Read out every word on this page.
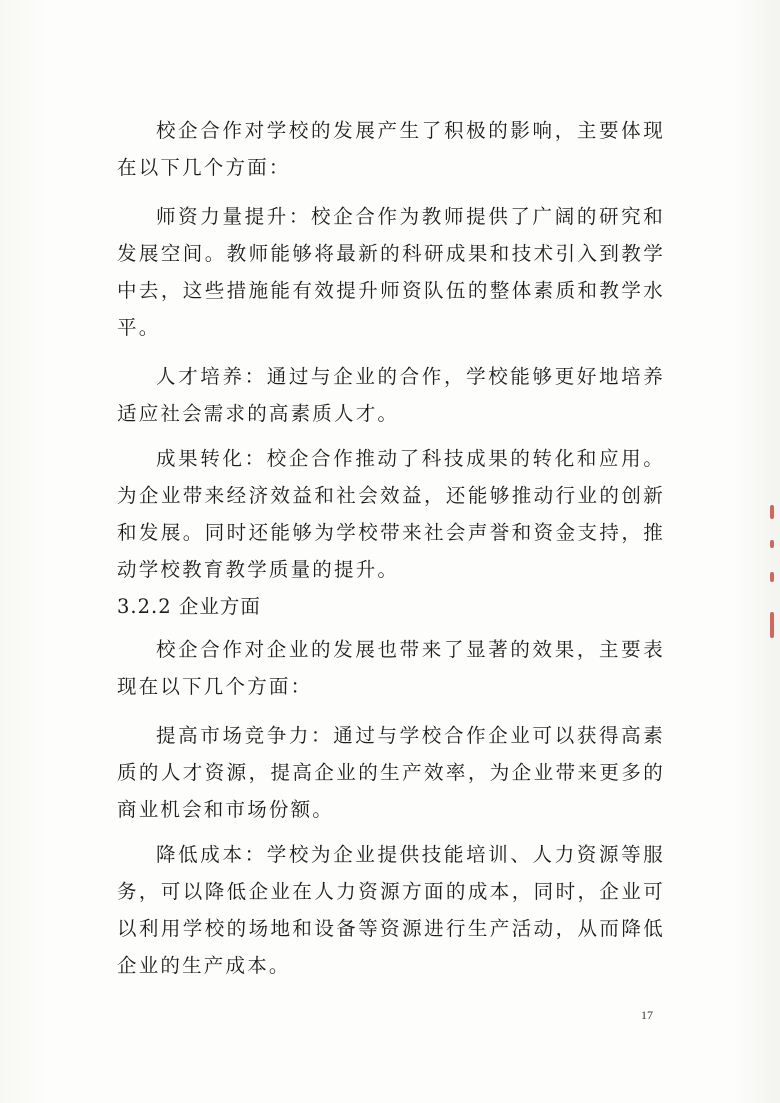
校企合作对学校的发展产生了积极的影响，主要体现在以下几个方面：

师资力量提升：校企合作为教师提供了广阔的研究和发展空间。教师能够将最新的科研成果和技术引入到教学中去，这些措施能有效提升师资队伍的整体素质和教学水平。

人才培养：通过与企业的合作，学校能够更好地培养适应社会需求的高素质人才。

成果转化：校企合作推动了科技成果的转化和应用。为企业带来经济效益和社会效益，还能够推动行业的创新和发展。同时还能够为学校带来社会声誉和资金支持，推动学校教育教学质量的提升。

3.2.2 企业方面

校企合作对企业的发展也带来了显著的效果，主要表现在以下几个方面：

提高市场竞争力：通过与学校合作企业可以获得高素质的人才资源，提高企业的生产效率，为企业带来更多的商业机会和市场份额。

降低成本：学校为企业提供技能培训、人力资源等服务，可以降低企业在人力资源方面的成本，同时，企业可以利用学校的场地和设备等资源进行生产活动，从而降低企业的生产成本。

17
